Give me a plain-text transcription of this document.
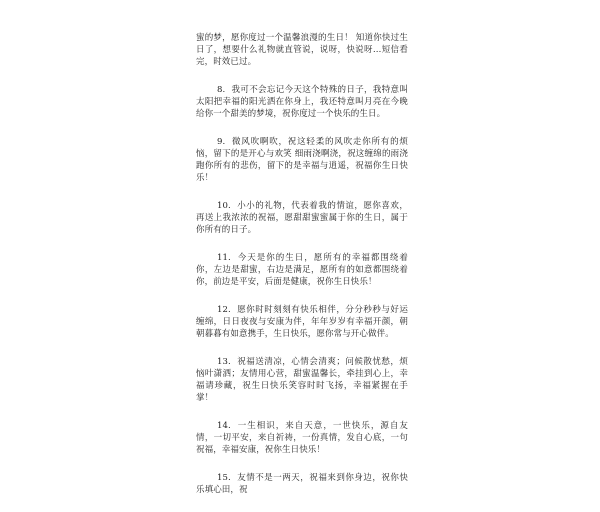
蜜的梦，愿你度过一个温馨浪漫的生日！ 知道你快过生日了，想要什么礼物就直管说，说呀，快说呀…短信看完，时效已过。

8. 我可不会忘记今天这个特殊的日子，我特意叫太阳把幸福的阳光洒在你身上，我还特意叫月亮在今晚给你一个甜美的梦境，祝你度过一个快乐的生日。

9. 微风吹啊吹，祝这轻柔的风吹走你所有的烦恼，留下的是开心与欢笑 细雨浇啊浇，祝这缠绵的雨浇跑你所有的悲伤，留下的是幸福与逍遥，祝福你生日快乐！

10. 小小的礼物，代表着我的情谊，愿你喜欢，再送上我浓浓的祝福，愿甜甜蜜蜜属于你的生日，属于你所有的日子。

11. 今天是你的生日，愿所有的幸福都围绕着你，左边是甜蜜，右边是满足，愿所有的如意都围绕着你，前边是平安，后面是健康，祝你生日快乐！

12. 愿你时时刻刻有快乐相伴，分分秒秒与好运缠绵，日日夜夜与安康为伴，年年岁岁有幸福开颜，朝朝暮暮有如意携手，生日快乐，愿你常与开心做伴。

13. 祝福送清凉，心情会清爽；问候散忧愁，烦恼叶潇洒；友情用心营，甜蜜温馨长，牵挂到心上，幸福请珍藏，祝生日快乐笑容时时飞扬，幸福紧握在手掌！

14. 一生相识，来自天意，一世快乐，源自友情，一切平安，来自祈祷，一份真情，发自心底，一句祝福，幸福安康，祝你生日快乐！

15. 友情不是一两天，祝福来到你身边，祝你快乐填心田，祝
